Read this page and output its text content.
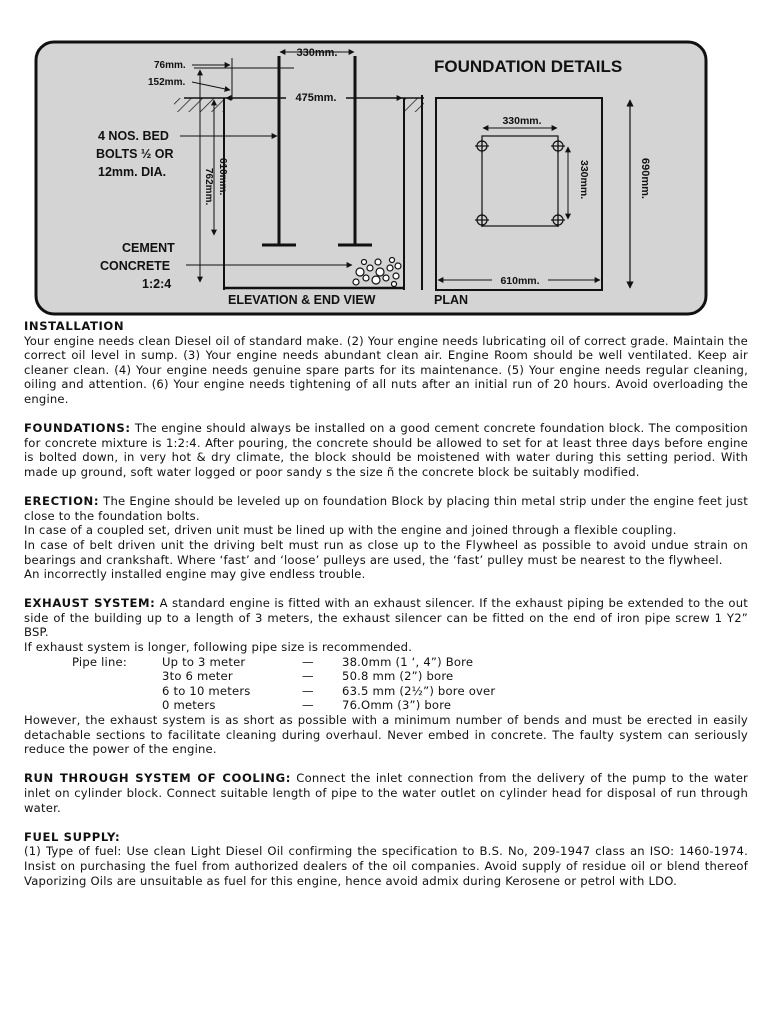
330mm.
475mm.
76mm.
152mm.
610mm.
762mm.
4 NOS. BED
BOLTS ½ OR
12mm. DIA.
CEMENT
CONCRETE
1:2:4
330mm.
330mm.	690mm.
610mm.
FOUNDATION DETAILS
ELEVATION & END VIEW	PLAN

INSTALLATION

Your engine needs clean Diesel oil of standard make. (2) Your engine needs lubricating oil of correct grade. Maintain the correct oil level in sump. (3) Your engine needs abundant clean air. Engine Room should be well ventilated. Keep air cleaner clean. (4) Your engine needs genuine spare parts for its maintenance. (5) Your engine needs regular cleaning, oiling and attention. (6) Your engine needs tightening of all nuts after an initial run of 20 hours. Avoid overloading the engine.

FOUNDATIONS: The engine should always be installed on a good cement concrete foundation block. The composition for concrete mixture is 1:2:4. After pouring, the concrete should be allowed to set for at least three days before engine is bolted down, in very hot & dry climate, the block should be moistened with water during this setting period. With made up ground, soft water logged or poor sandy s the size ñ the concrete block be suitably modified.

ERECTION: The Engine should be leveled up on foundation Block by placing thin metal strip under the engine feet just close to the foundation bolts.

In case of a coupled set, driven unit must be lined up with the engine and joined through a flexible coupling.

In case of belt driven unit the driving belt must run as close up to the Flywheel as possible to avoid undue strain on bearings and crankshaft. Where ‘fast’ and ‘loose’ pulleys are used, the ‘fast’ pulley must be nearest to the flywheel.

An incorrectly installed engine may give endless trouble.

EXHAUST SYSTEM: A standard engine is fitted with an exhaust silencer. If the exhaust piping be extended to the out side of the building up to a length of 3 meters, the exhaust silencer can be fitted on the end of iron pipe screw 1 Y2” BSP.

If exhaust system is longer, following pipe size is recommended.

Pipe line:	Up to 3 meter	—	38.0mm (1 ‘, 4”) Bore
3to 6 meter	—	50.8 mm (2”) bore
6 to 10 meters	—	63.5 mm (2½”) bore over
0 meters	—	76.Omm (3”) bore

However, the exhaust system is as short as possible with a minimum number of bends and must be erected in easily detachable sections to facilitate cleaning during overhaul. Never embed in concrete. The faulty system can seriously reduce the power of the engine.

RUN THROUGH SYSTEM OF COOLING: Connect the inlet connection from the delivery of the pump to the water inlet on cylinder block. Connect suitable length of pipe to the water outlet on cylinder head for disposal of run through water.

FUEL SUPPLY:

(1) Type of fuel: Use clean Light Diesel Oil confirming the specification to B.S. No, 209-1947 class an ISO: 1460-1974. Insist on purchasing the fuel from authorized dealers of the oil companies. Avoid supply of residue oil or blend thereof Vaporizing Oils are unsuitable as fuel for this engine, hence avoid admix during Kerosene or petrol with LDO.
